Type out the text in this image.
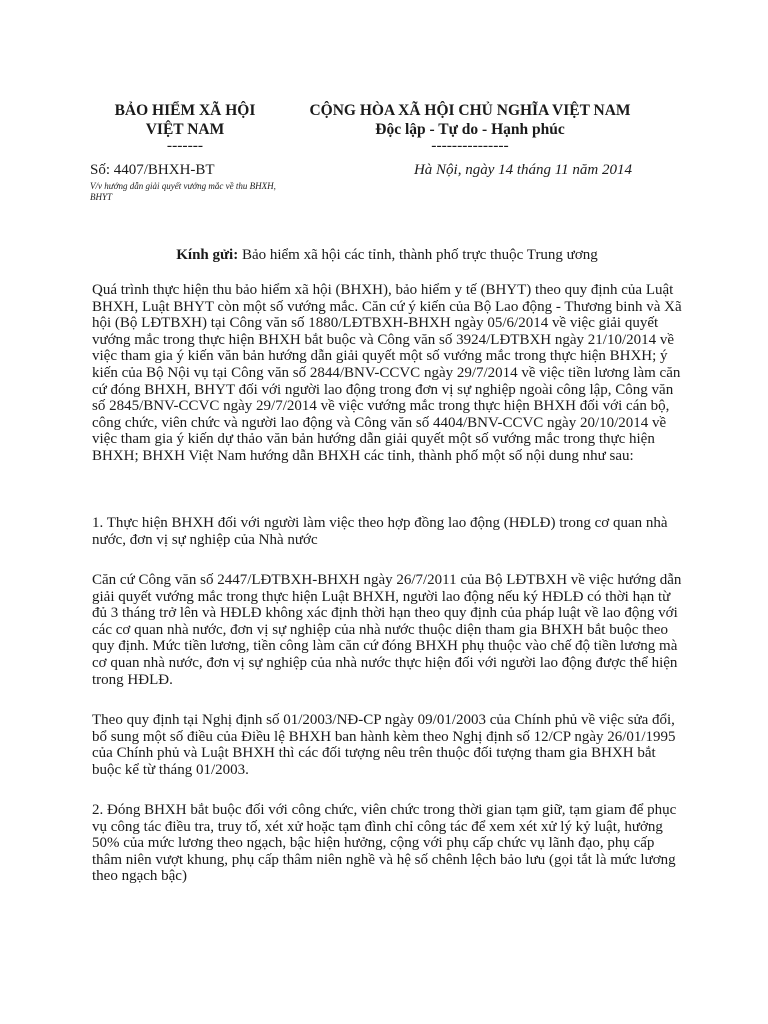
BẢO HIỂM XÃ HỘI
VIỆT NAM
-------
CỘNG HÒA XÃ HỘI CHỦ NGHĨA VIỆT NAM
Độc lập - Tự do - Hạnh phúc
---------------
Số: 4407/BHXH-BT
V/v hướng dẫn giải quyết vướng mắc về thu BHXH, BHYT
Hà Nội, ngày 14 tháng 11 năm 2014
Kính gửi: Bảo hiểm xã hội các tỉnh, thành phố trực thuộc Trung ương

Quá trình thực hiện thu bảo hiểm xã hội (BHXH), bảo hiểm y tế (BHYT) theo quy định của Luật BHXH, Luật BHYT còn một số vướng mắc. Căn cứ ý kiến của Bộ Lao động - Thương binh và Xã hội (Bộ LĐTBXH) tại Công văn số 1880/LĐTBXH-BHXH ngày 05/6/2014 về việc giải quyết vướng mắc trong thực hiện BHXH bắt buộc và Công văn số 3924/LĐTBXH ngày 21/10/2014 về việc tham gia ý kiến văn bản hướng dẫn giải quyết một số vướng mắc trong thực hiện BHXH; ý kiến của Bộ Nội vụ tại Công văn số 2844/BNV-CCVC ngày 29/7/2014 về việc tiền lương làm căn cứ đóng BHXH, BHYT đối với người lao động trong đơn vị sự nghiệp ngoài công lập, Công văn số 2845/BNV-CCVC ngày 29/7/2014 về việc vướng mắc trong thực hiện BHXH đối với cán bộ, công chức, viên chức và người lao động và Công văn số 4404/BNV-CCVC ngày 20/10/2014 về việc tham gia ý kiến dự thảo văn bản hướng dẫn giải quyết một số vướng mắc trong thực hiện BHXH; BHXH Việt Nam hướng dẫn BHXH các tỉnh, thành phố một số nội dung như sau:

1. Thực hiện BHXH đối với người làm việc theo hợp đồng lao động (HĐLĐ) trong cơ quan nhà nước, đơn vị sự nghiệp của Nhà nước

Căn cứ Công văn số 2447/LĐTBXH-BHXH ngày 26/7/2011 của Bộ LĐTBXH về việc hướng dẫn giải quyết vướng mắc trong thực hiện Luật BHXH, người lao động nếu ký HĐLĐ có thời hạn từ đủ 3 tháng trở lên và HĐLĐ không xác định thời hạn theo quy định của pháp luật về lao động với các cơ quan nhà nước, đơn vị sự nghiệp của nhà nước thuộc diện tham gia BHXH bắt buộc theo quy định. Mức tiền lương, tiền công làm căn cứ đóng BHXH phụ thuộc vào chế độ tiền lương mà cơ quan nhà nước, đơn vị sự nghiệp của nhà nước thực hiện đối với người lao động được thể hiện trong HĐLĐ.

Theo quy định tại Nghị định số 01/2003/NĐ-CP ngày 09/01/2003 của Chính phủ về việc sửa đổi, bổ sung một số điều của Điều lệ BHXH ban hành kèm theo Nghị định số 12/CP ngày 26/01/1995 của Chính phủ và Luật BHXH thì các đối tượng nêu trên thuộc đối tượng tham gia BHXH bắt buộc kể từ tháng 01/2003.

2. Đóng BHXH bắt buộc đối với công chức, viên chức trong thời gian tạm giữ, tạm giam để phục vụ công tác điều tra, truy tố, xét xử hoặc tạm đình chỉ công tác để xem xét xử lý kỷ luật, hưởng 50% của mức lương theo ngạch, bậc hiện hưởng, cộng với phụ cấp chức vụ lãnh đạo, phụ cấp thâm niên vượt khung, phụ cấp thâm niên nghề và hệ số chênh lệch bảo lưu (gọi tắt là mức lương theo ngạch bậc)
